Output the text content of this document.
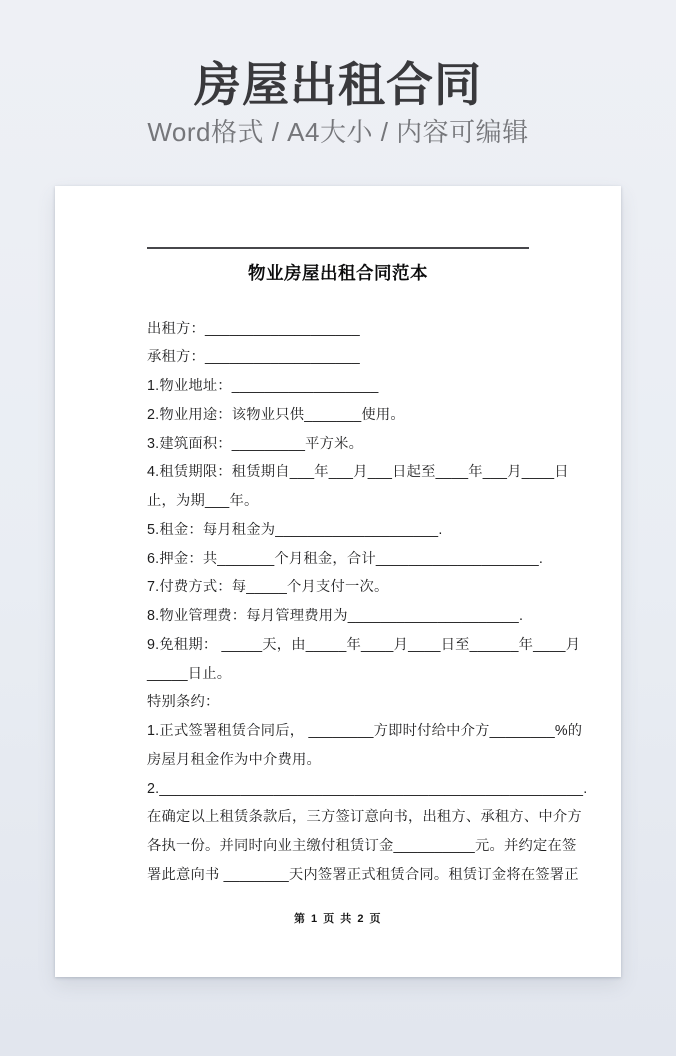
房屋出租合同

Word格式 / A4大小 / 内容可编辑

物业房屋出租合同范本

出租方：___________________

承租方：___________________

1.物业地址：__________________

2.物业用途：该物业只供_______使用。

3.建筑面积：_________平方米。

4.租赁期限：租赁期自___年___月___日起至____年___月____日

止，为期___年。

5.租金：每月租金为____________________.

6.押金：共_______个月租金，合计____________________.

7.付费方式：每_____个月支付一次。

8.物业管理费：每月管理费用为_____________________.

9.免租期： _____天，由_____年____月____日至______年____月

_____日止。

特别条约：

1.正式签署租赁合同后， ________方即时付给中介方________%的

房屋月租金作为中介费用。

2.____________________________________________________.

在确定以上租赁条款后，三方签订意向书，出租方、承租方、中介方

各执一份。并同时向业主缴付租赁订金__________元。并约定在签

署此意向书 ________天内签署正式租赁合同。租赁订金将在签署正

第 1 页 共 2 页
